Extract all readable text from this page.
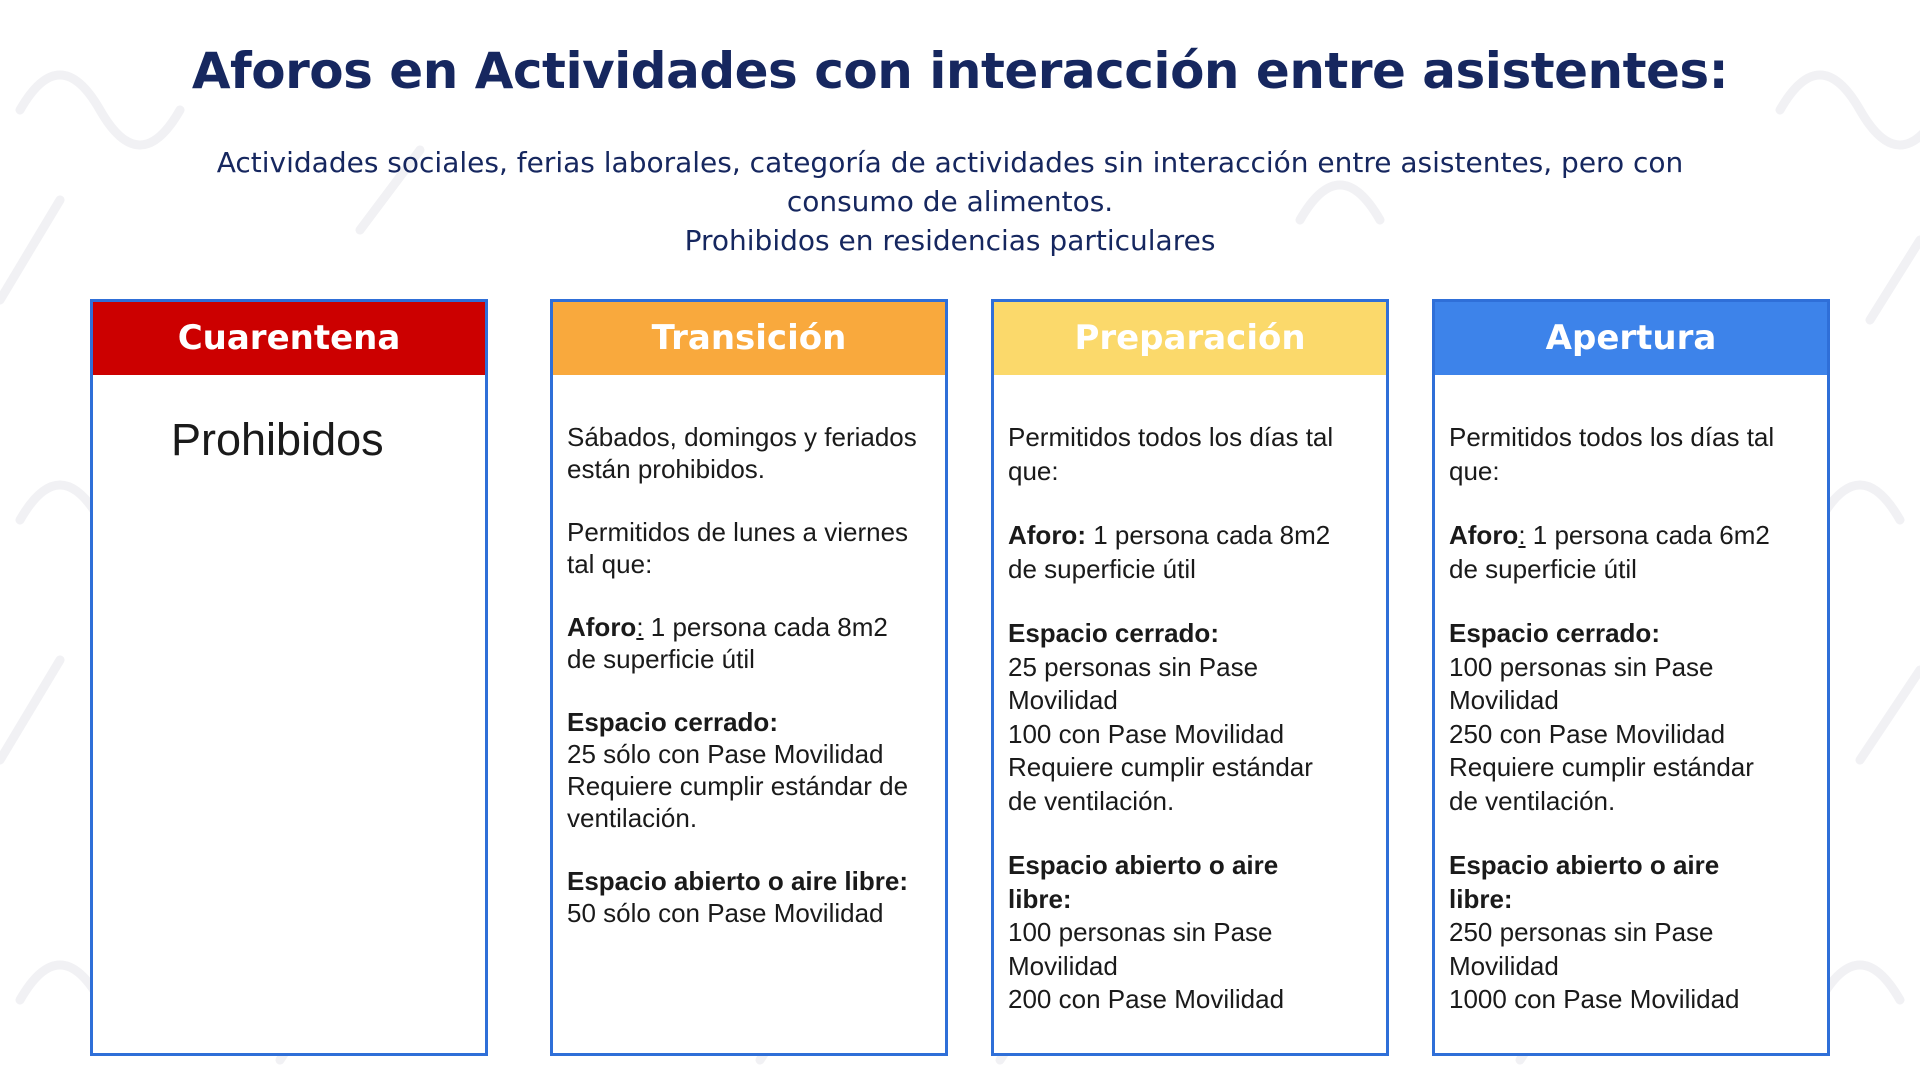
Aforos en Actividades con interacción entre asistentes:
Actividades sociales, ferias laborales, categoría de actividades sin interacción entre asistentes, pero con
consumo de alimentos.
Prohibidos en residencias particulares
Cuarentena
Prohibidos
Transición
Sábados, domingos y feriados
están prohibidos.
Permitidos de lunes a viernes
tal que:
Aforo: 1 persona cada 8m2
de superficie útil
Espacio cerrado:
25 sólo con Pase Movilidad
Requiere cumplir estándar de
ventilación.
Espacio abierto o aire libre:
50 sólo con Pase Movilidad
Preparación
Permitidos todos los días tal
que:
Aforo: 1 persona cada 8m2
de superficie útil
Espacio cerrado:
25 personas sin Pase
Movilidad
100 con Pase Movilidad
Requiere cumplir estándar
de ventilación.
Espacio abierto o aire
libre:
100 personas sin Pase
Movilidad
200 con Pase Movilidad
Apertura
Permitidos todos los días tal
que:
Aforo: 1 persona cada 6m2
de superficie útil
Espacio cerrado:
100 personas sin Pase
Movilidad
250 con Pase Movilidad
Requiere cumplir estándar
de ventilación.
Espacio abierto o aire
libre:
250 personas sin Pase
Movilidad
1000 con Pase Movilidad
